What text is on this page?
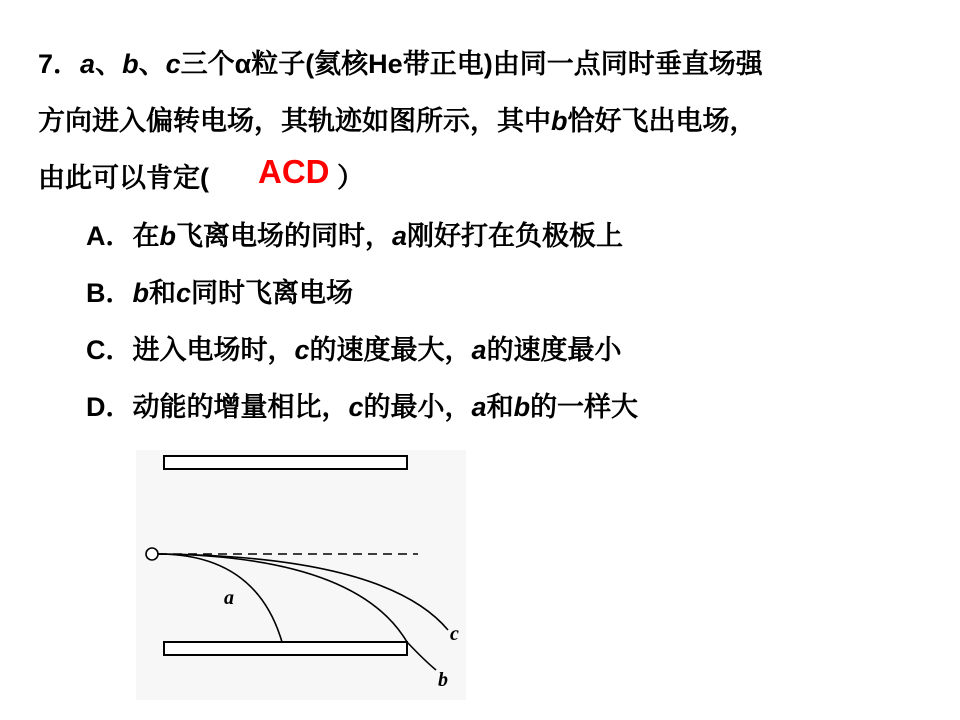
7．a、b、c三个α粒子(氦核He带正电)由同一点同时垂直场强
方向进入偏转电场，其轨迹如图所示，其中b恰好飞出电场，
由此可以肯定(	）
ACD
A．在b飞离电场的同时，a刚好打在负极板上
B．b和c同时飞离电场
C．进入电场时，c的速度最大，a的速度最小
D．动能的增量相比，c的最小，a和b的一样大
a
c
b
